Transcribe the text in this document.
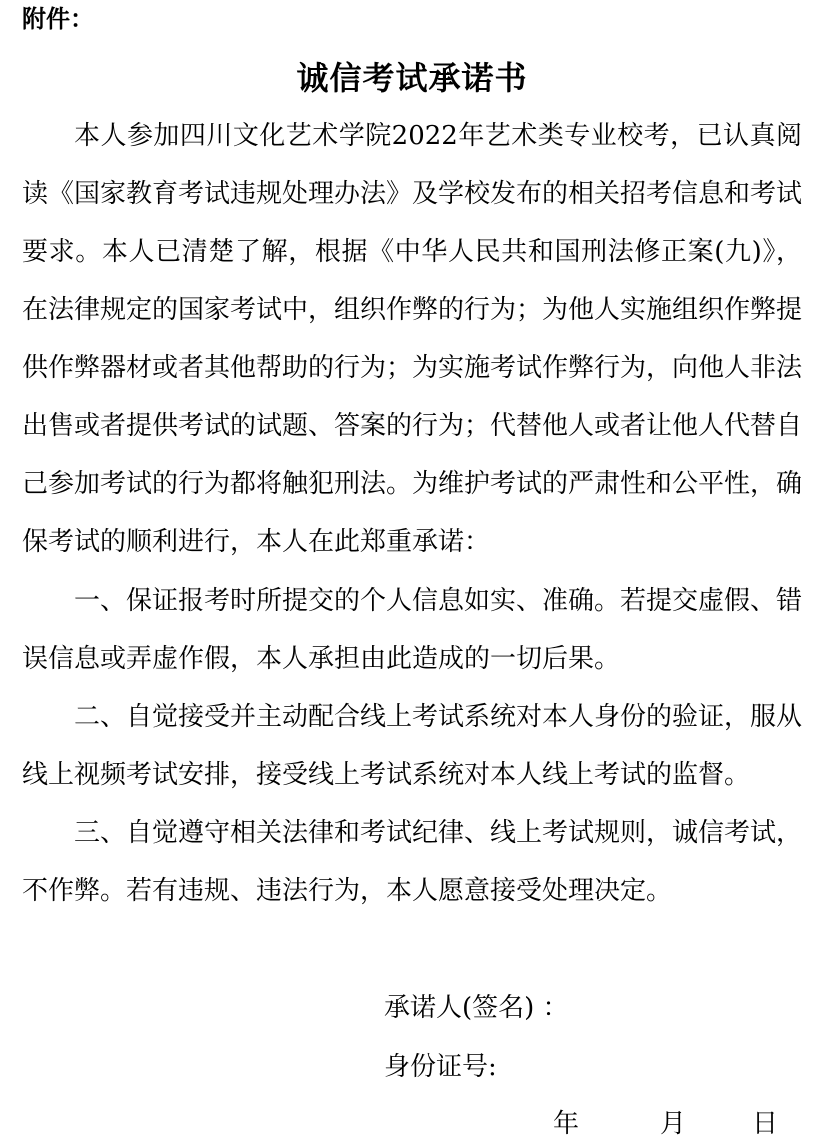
附件：
诚信考试承诺书

本人参加四川文化艺术学院2022年艺术类专业校考，已认真阅读《国家教育考试违规处理办法》及学校发布的相关招考信息和考试要求。本人已清楚了解，根据《中华人民共和国刑法修正案(九)》，在法律规定的国家考试中，组织作弊的行为；为他人实施组织作弊提供作弊器材或者其他帮助的行为；为实施考试作弊行为，向他人非法出售或者提供考试的试题、答案的行为；代替他人或者让他人代替自己参加考试的行为都将触犯刑法。为维护考试的严肃性和公平性，确保考试的顺利进行，本人在此郑重承诺：

一、保证报考时所提交的个人信息如实、准确。若提交虚假、错误信息或弄虚作假，本人承担由此造成的一切后果。

二、自觉接受并主动配合线上考试系统对本人身份的验证，服从线上视频考试安排，接受线上考试系统对本人线上考试的监督。

三、自觉遵守相关法律和考试纪律、线上考试规则，诚信考试，不作弊。若有违规、违法行为，本人愿意接受处理决定。

承诺人(签名) ：
身份证号:
年	月	日
